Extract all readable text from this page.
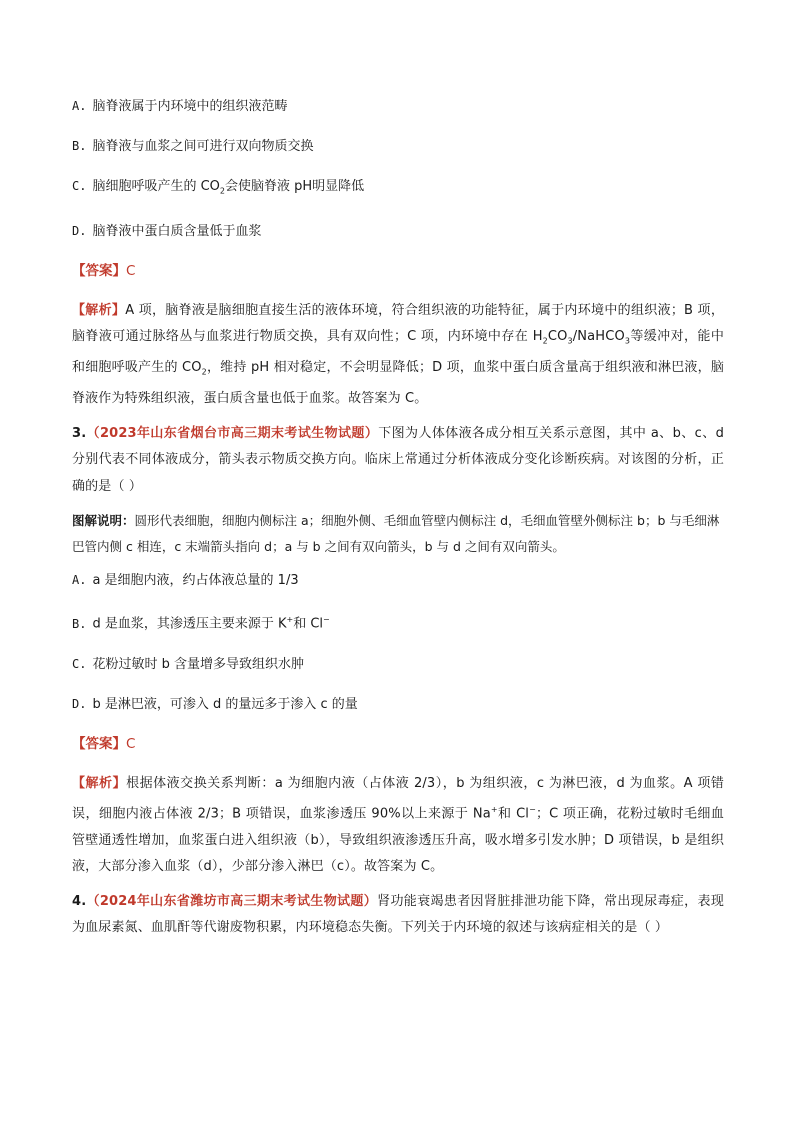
A. 脑脊液属于内环境中的组织液范畴
B. 脑脊液与血浆之间可进行双向物质交换
C. 脑细胞呼吸产生的 $CO_2$会使脑脊液 pH明显降低
D. 脑脊液中蛋白质含量低于血浆
【答案】C
【解析】A 项，脑脊液是脑细胞直接生活的液体环境，符合组织液的功能特征，属于内环境中的组织液；B 项，脑脊液可通过脉络丛与血浆进行物质交换，具有双向性；C 项，内环境中存在 $H_2CO_3/NaHCO_3$等缓冲对，能中和细胞呼吸产生的 $CO_2$，维持 pH 相对稳定，不会明显降低；D 项，血浆中蛋白质含量高于组织液和淋巴液，脑脊液作为特殊组织液，蛋白质含量也低于血浆。故答案为 C。
3.（2023年山东省烟台市高三期末考试生物试题）下图为人体体液各成分相互关系示意图，其中 a、b、c、d 分别代表不同体液成分，箭头表示物质交换方向。临床上常通过分析体液成分变化诊断疾病。对该图的分析，正确的是（ ）
图解说明：圆形代表细胞，细胞内侧标注 a；细胞外侧、毛细血管壁内侧标注 d，毛细血管壁外侧标注 b；b 与毛细淋巴管内侧 c 相连，c 末端箭头指向 d；a 与 b 之间有双向箭头，b 与 d 之间有双向箭头。
A. a 是细胞内液，约占体液总量的 1/3
B. d 是血浆，其渗透压主要来源于 K+和 Cl−
C. 花粉过敏时 b 含量增多导致组织水肿
D. b 是淋巴液，可渗入 d 的量远多于渗入 c 的量
【答案】C
【解析】根据体液交换关系判断：a 为细胞内液（占体液 2/3），b 为组织液，c 为淋巴液，d 为血浆。A 项错误，细胞内液占体液 2/3；B 项错误，血浆渗透压 90%以上来源于 Na+和 Cl−；C 项正确，花粉过敏时毛细血管壁通透性增加，血浆蛋白进入组织液（b），导致组织液渗透压升高，吸水增多引发水肿；D 项错误，b 是组织液，大部分渗入血浆（d），少部分渗入淋巴（c）。故答案为 C。
4.（2024年山东省潍坊市高三期末考试生物试题）肾功能衰竭患者因肾脏排泄功能下降，常出现尿毒症，表现为血尿素氮、血肌酐等代谢废物积累，内环境稳态失衡。下列关于内环境的叙述与该病症相关的是（ ）
